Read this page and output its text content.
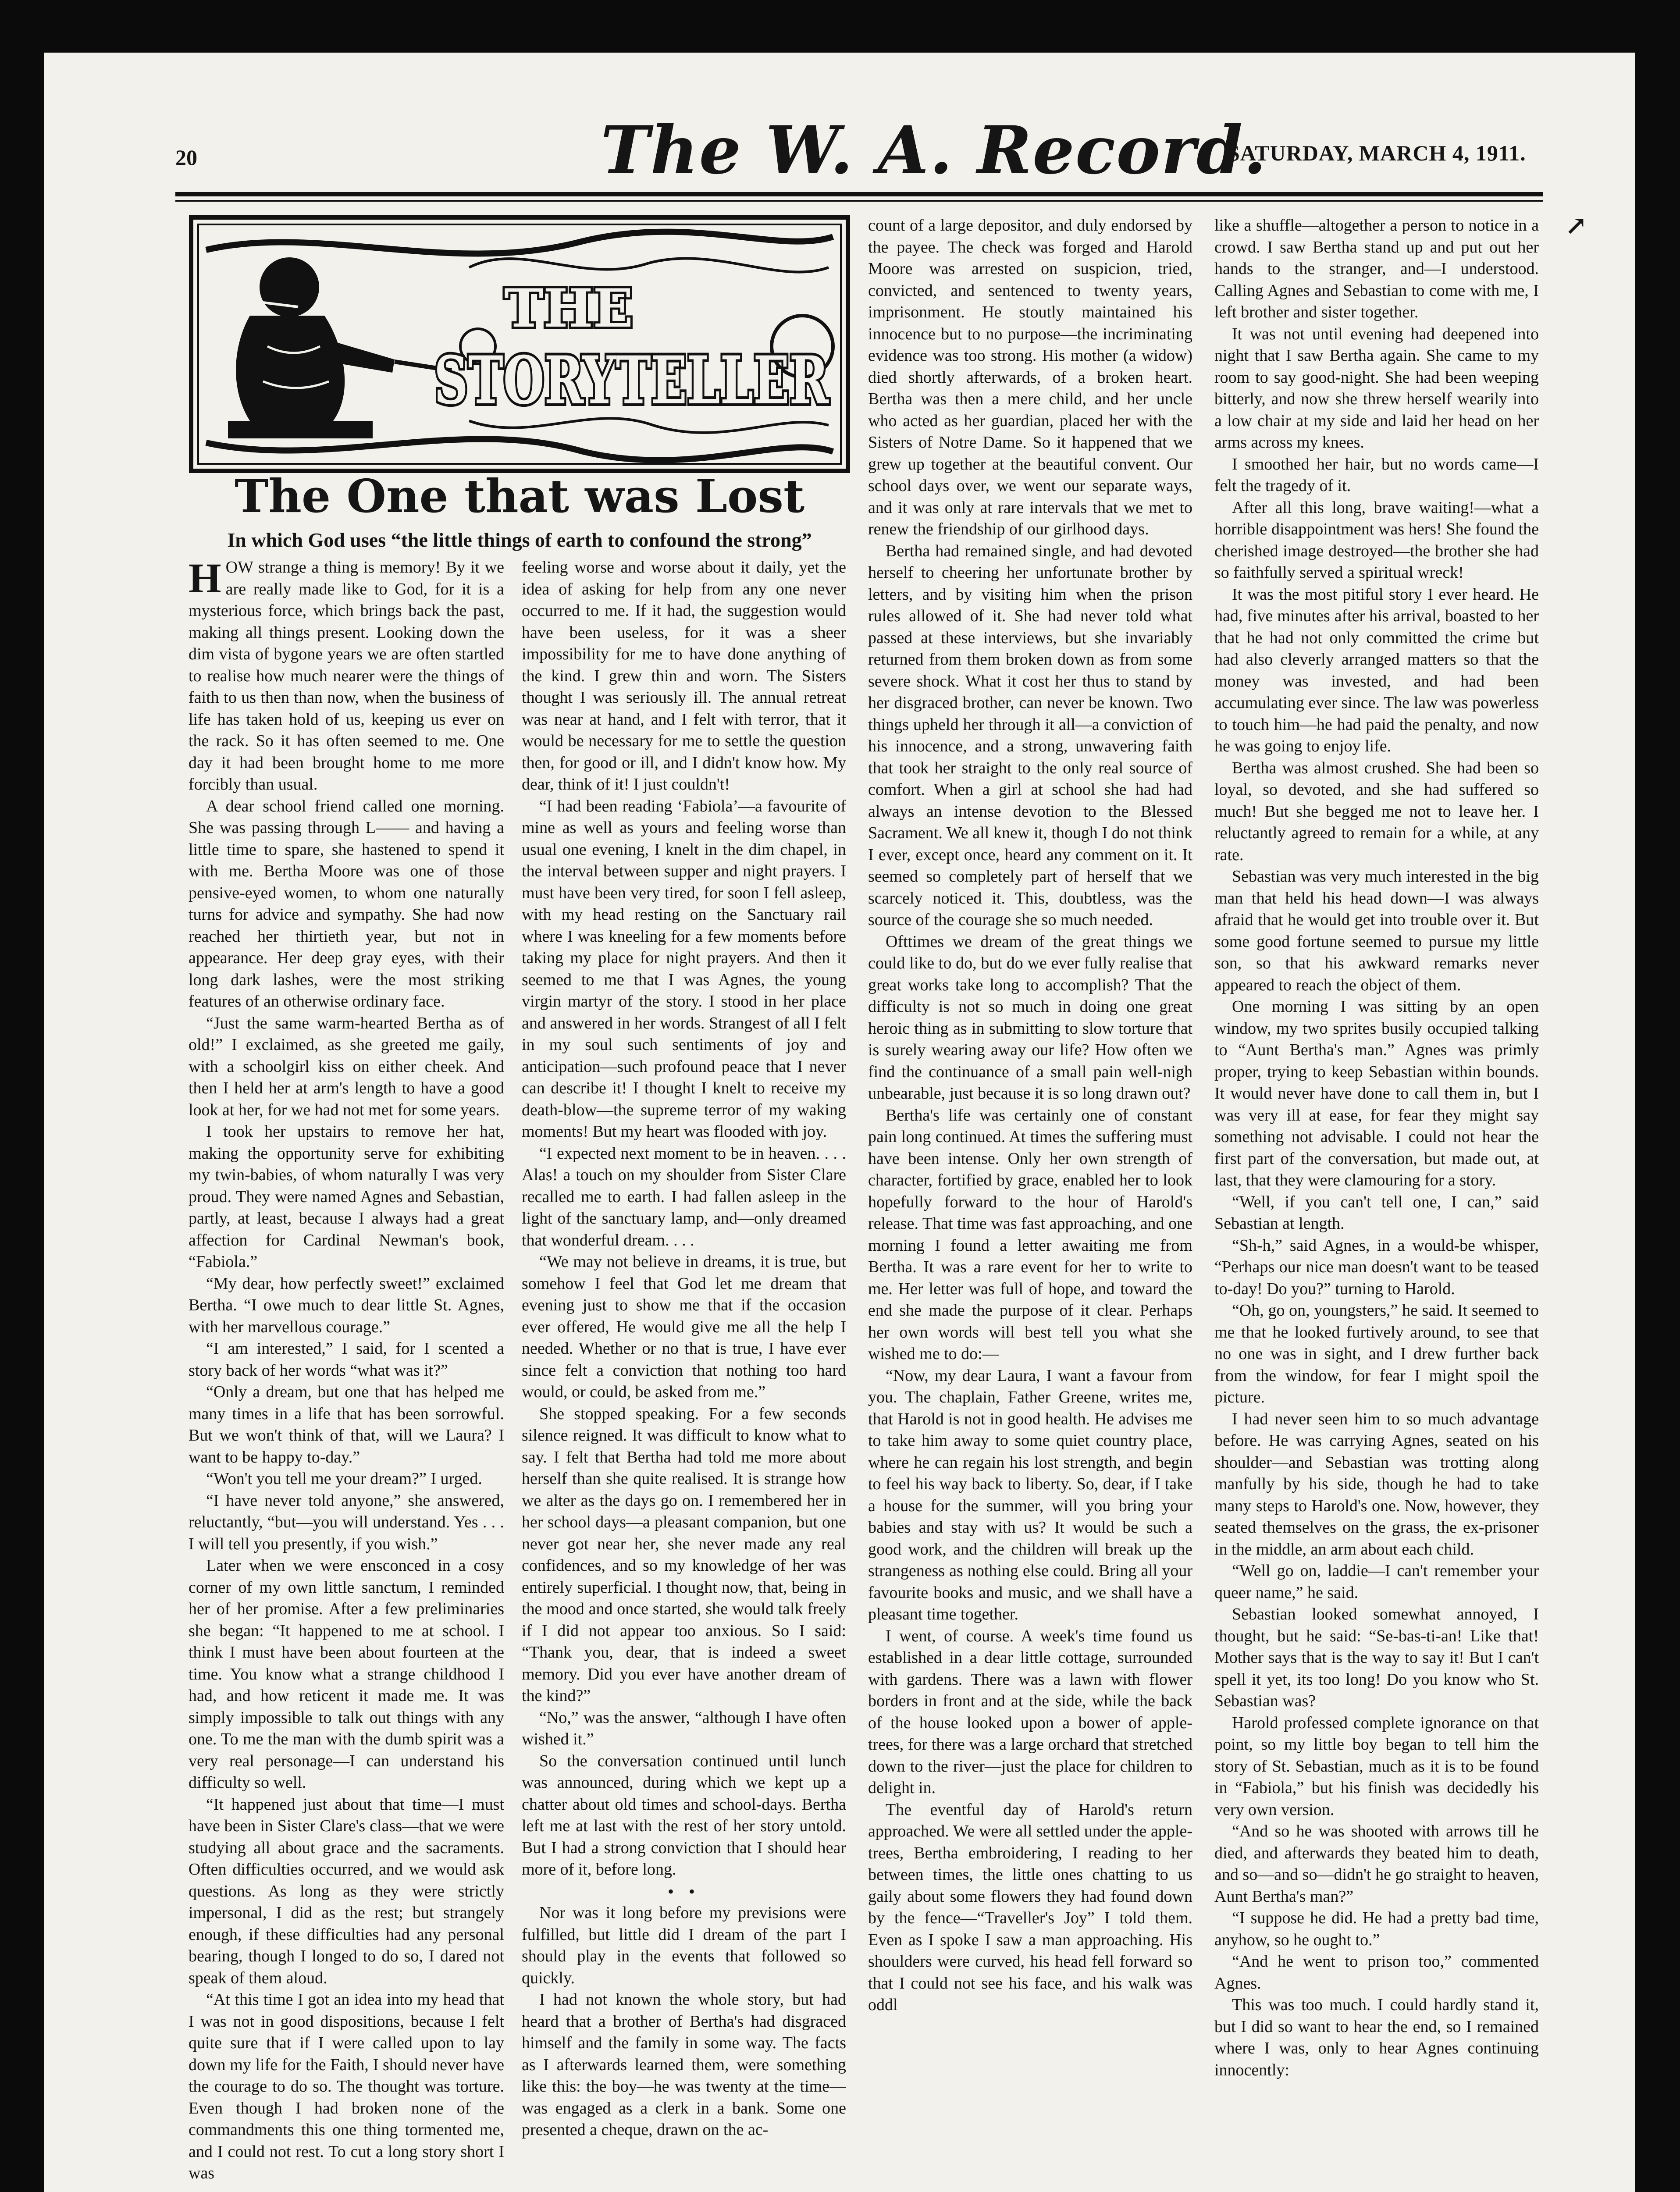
20	The W. A. Record.
SATURDAY, MARCH 4, 1911.
↗
THE
STORYTELLER
The One that was Lost
In which God uses “the little things of earth to confound the strong”

HOW strange a thing is memory! By it we are really made like to God, for it is a mysterious force, which brings back the past, making all things present. Looking down the dim vista of bygone years we are often startled to realise how much nearer were the things of faith to us then than now, when the business of life has taken hold of us, keeping us ever on the rack. So it has often seemed to me. One day it had been brought home to me more forcibly than usual.

A dear school friend called one morning. She was passing through L—— and having a little time to spare, she hastened to spend it with me. Bertha Moore was one of those pensive-eyed women, to whom one naturally turns for advice and sympathy. She had now reached her thirtieth year, but not in appearance. Her deep gray eyes, with their long dark lashes, were the most striking features of an otherwise ordinary face.

“Just the same warm-hearted Bertha as of old!” I exclaimed, as she greeted me gaily, with a schoolgirl kiss on either cheek. And then I held her at arm's length to have a good look at her, for we had not met for some years.

I took her upstairs to remove her hat, making the opportunity serve for exhibiting my twin-babies, of whom naturally I was very proud. They were named Agnes and Sebastian, partly, at least, because I always had a great affection for Cardinal Newman's book, “Fabiola.”

“My dear, how perfectly sweet!” exclaimed Bertha. “I owe much to dear little St. Agnes, with her marvellous courage.”

“I am interested,” I said, for I scented a story back of her words “what was it?”

“Only a dream, but one that has helped me many times in a life that has been sorrowful. But we won't think of that, will we Laura? I want to be happy to-day.”

“Won't you tell me your dream?” I urged.

“I have never told anyone,” she answered, reluctantly, “but—you will understand. Yes . . . I will tell you presently, if you wish.”

Later when we were ensconced in a cosy corner of my own little sanctum, I reminded her of her promise. After a few preliminaries she began: “It happened to me at school. I think I must have been about fourteen at the time. You know what a strange childhood I had, and how reticent it made me. It was simply impossible to talk out things with any one. To me the man with the dumb spirit was a very real personage—I can understand his difficulty so well.

“It happened just about that time—I must have been in Sister Clare's class—that we were studying all about grace and the sacraments. Often difficulties occurred, and we would ask questions. As long as they were strictly impersonal, I did as the rest; but strangely enough, if these difficulties had any personal bearing, though I longed to do so, I dared not speak of them aloud.

“At this time I got an idea into my head that I was not in good dispositions, because I felt quite sure that if I were called upon to lay down my life for the Faith, I should never have the courage to do so. The thought was torture. Even though I had broken none of the commandments this one thing tormented me, and I could not rest. To cut a long story short I was

feeling worse and worse about it daily, yet the idea of asking for help from any one never occurred to me. If it had, the suggestion would have been useless, for it was a sheer impossibility for me to have done anything of the kind. I grew thin and worn. The Sisters thought I was seriously ill. The annual retreat was near at hand, and I felt with terror, that it would be necessary for me to settle the question then, for good or ill, and I didn't know how. My dear, think of it! I just couldn't!

“I had been reading ‘Fabiola’—a favourite of mine as well as yours and feeling worse than usual one evening, I knelt in the dim chapel, in the interval between supper and night prayers. I must have been very tired, for soon I fell asleep, with my head resting on the Sanctuary rail where I was kneeling for a few moments before taking my place for night prayers. And then it seemed to me that I was Agnes, the young virgin martyr of the story. I stood in her place and answered in her words. Strangest of all I felt in my soul such sentiments of joy and anticipation—such profound peace that I never can describe it! I thought I knelt to receive my death-blow—the supreme terror of my waking moments! But my heart was flooded with joy.

“I expected next moment to be in heaven. . . . Alas! a touch on my shoulder from Sister Clare recalled me to earth. I had fallen asleep in the light of the sanctuary lamp, and—only dreamed that wonderful dream. . . .

“We may not believe in dreams, it is true, but somehow I feel that God let me dream that evening just to show me that if the occasion ever offered, He would give me all the help I needed. Whether or no that is true, I have ever since felt a conviction that nothing too hard would, or could, be asked from me.”

She stopped speaking. For a few seconds silence reigned. It was difficult to know what to say. I felt that Bertha had told me more about herself than she quite realised. It is strange how we alter as the days go on. I remembered her in her school days—a pleasant companion, but one never got near her, she never made any real confidences, and so my knowledge of her was entirely superficial. I thought now, that, being in the mood and once started, she would talk freely if I did not appear too anxious. So I said: “Thank you, dear, that is indeed a sweet memory. Did you ever have another dream of the kind?”

“No,” was the answer, “although I have often wished it.”

So the conversation continued until lunch was announced, during which we kept up a chatter about old times and school-days. Bertha left me at last with the rest of her story untold. But I had a strong conviction that I should hear more of it, before long.

• •

Nor was it long before my previsions were fulfilled, but little did I dream of the part I should play in the events that followed so quickly.

I had not known the whole story, but had heard that a brother of Bertha's had disgraced himself and the family in some way. The facts as I afterwards learned them, were something like this: the boy—he was twenty at the time—was engaged as a clerk in a bank. Some one presented a cheque, drawn on the ac-

count of a large depositor, and duly endorsed by the payee. The check was forged and Harold Moore was arrested on suspicion, tried, convicted, and sentenced to twenty years, imprisonment. He stoutly maintained his innocence but to no purpose—the incriminating evidence was too strong. His mother (a widow) died shortly afterwards, of a broken heart. Bertha was then a mere child, and her uncle who acted as her guardian, placed her with the Sisters of Notre Dame. So it happened that we grew up together at the beautiful convent. Our school days over, we went our separate ways, and it was only at rare intervals that we met to renew the friendship of our girlhood days.

Bertha had remained single, and had devoted herself to cheering her unfortunate brother by letters, and by visiting him when the prison rules allowed of it. She had never told what passed at these interviews, but she invariably returned from them broken down as from some severe shock. What it cost her thus to stand by her disgraced brother, can never be known. Two things upheld her through it all—a conviction of his innocence, and a strong, unwavering faith that took her straight to the only real source of comfort. When a girl at school she had had always an intense devotion to the Blessed Sacrament. We all knew it, though I do not think I ever, except once, heard any comment on it. It seemed so completely part of herself that we scarcely noticed it. This, doubtless, was the source of the courage she so much needed.

Ofttimes we dream of the great things we could like to do, but do we ever fully realise that great works take long to accomplish? That the difficulty is not so much in doing one great heroic thing as in submitting to slow torture that is surely wearing away our life? How often we find the continuance of a small pain well-nigh unbearable, just because it is so long drawn out?

Bertha's life was certainly one of constant pain long continued. At times the suffering must have been intense. Only her own strength of character, fortified by grace, enabled her to look hopefully forward to the hour of Harold's release. That time was fast approaching, and one morning I found a letter awaiting me from Bertha. It was a rare event for her to write to me. Her letter was full of hope, and toward the end she made the purpose of it clear. Perhaps her own words will best tell you what she wished me to do:—

“Now, my dear Laura, I want a favour from you. The chaplain, Father Greene, writes me, that Harold is not in good health. He advises me to take him away to some quiet country place, where he can regain his lost strength, and begin to feel his way back to liberty. So, dear, if I take a house for the summer, will you bring your babies and stay with us? It would be such a good work, and the children will break up the strangeness as nothing else could. Bring all your favourite books and music, and we shall have a pleasant time together.

I went, of course. A week's time found us established in a dear little cottage, surrounded with gardens. There was a lawn with flower borders in front and at the side, while the back of the house looked upon a bower of apple-trees, for there was a large orchard that stretched down to the river—just the place for children to delight in.

The eventful day of Harold's return approached. We were all settled under the apple-trees, Bertha embroidering, I reading to her between times, the little ones chatting to us gaily about some flowers they had found down by the fence—“Traveller's Joy” I told them. Even as I spoke I saw a man approaching. His shoulders were curved, his head fell forward so that I could not see his face, and his walk was oddl

like a shuffle—altogether a person to notice in a crowd. I saw Bertha stand up and put out her hands to the stranger, and—I understood. Calling Agnes and Sebastian to come with me, I left brother and sister together.

It was not until evening had deepened into night that I saw Bertha again. She came to my room to say good-night. She had been weeping bitterly, and now she threw herself wearily into a low chair at my side and laid her head on her arms across my knees.

I smoothed her hair, but no words came—I felt the tragedy of it.

After all this long, brave waiting!—what a horrible disappointment was hers! She found the cherished image destroyed—the brother she had so faithfully served a spiritual wreck!

It was the most pitiful story I ever heard. He had, five minutes after his arrival, boasted to her that he had not only committed the crime but had also cleverly arranged matters so that the money was invested, and had been accumulating ever since. The law was powerless to touch him—he had paid the penalty, and now he was going to enjoy life.

Bertha was almost crushed. She had been so loyal, so devoted, and she had suffered so much! But she begged me not to leave her. I reluctantly agreed to remain for a while, at any rate.

Sebastian was very much interested in the big man that held his head down—I was always afraid that he would get into trouble over it. But some good fortune seemed to pursue my little son, so that his awkward remarks never appeared to reach the object of them.

One morning I was sitting by an open window, my two sprites busily occupied talking to “Aunt Bertha's man.” Agnes was primly proper, trying to keep Sebastian within bounds. It would never have done to call them in, but I was very ill at ease, for fear they might say something not advisable. I could not hear the first part of the conversation, but made out, at last, that they were clamouring for a story.

“Well, if you can't tell one, I can,” said Sebastian at length.

“Sh-h,” said Agnes, in a would-be whisper, “Perhaps our nice man doesn't want to be teased to-day! Do you?” turning to Harold.

“Oh, go on, youngsters,” he said. It seemed to me that he looked furtively around, to see that no one was in sight, and I drew further back from the window, for fear I might spoil the picture.

I had never seen him to so much advantage before. He was carrying Agnes, seated on his shoulder—and Sebastian was trotting along manfully by his side, though he had to take many steps to Harold's one. Now, however, they seated themselves on the grass, the ex-prisoner in the middle, an arm about each child.

“Well go on, laddie—I can't remember your queer name,” he said.

Sebastian looked somewhat annoyed, I thought, but he said: “Se-bas-ti-an! Like that! Mother says that is the way to say it! But I can't spell it yet, its too long! Do you know who St. Sebastian was?

Harold professed complete ignorance on that point, so my little boy began to tell him the story of St. Sebastian, much as it is to be found in “Fabiola,” but his finish was decidedly his very own version.

“And so he was shooted with arrows till he died, and afterwards they beated him to death, and so—and so—didn't he go straight to heaven, Aunt Bertha's man?”

“I suppose he did. He had a pretty bad time, anyhow, so he ought to.”

“And he went to prison too,” commented Agnes.

This was too much. I could hardly stand it, but I did so want to hear the end, so I remained where I was, only to hear Agnes continuing innocently:
